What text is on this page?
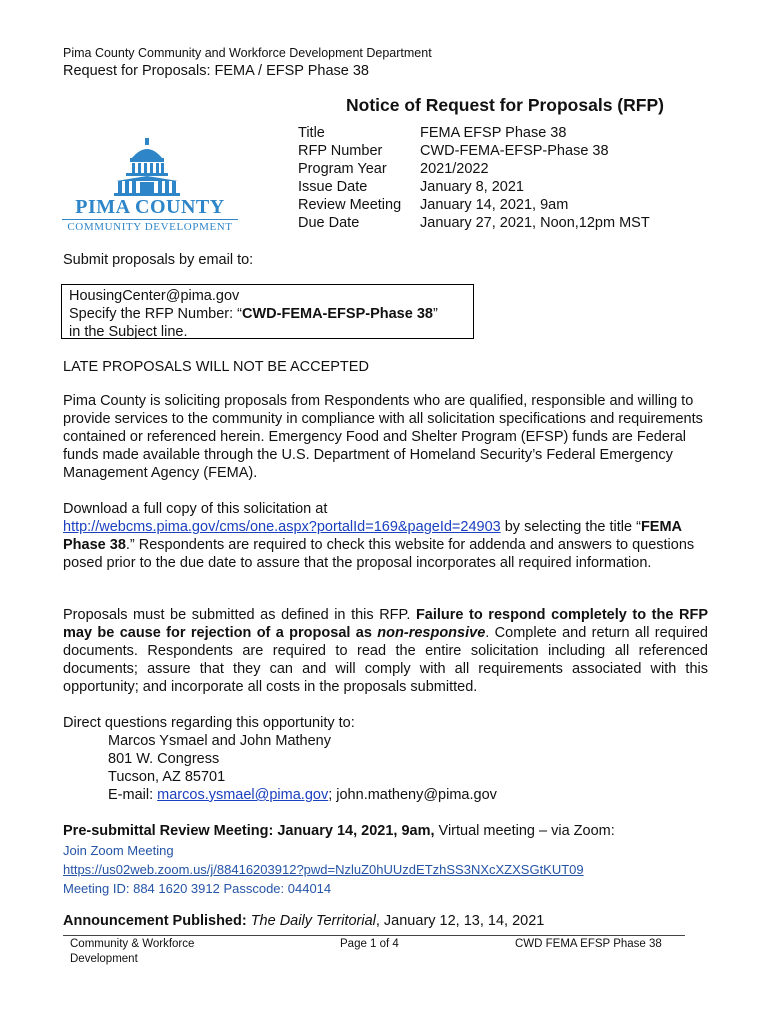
Pima County Community and Workforce Development Department
Request for Proposals: FEMA / EFSP Phase 38
Notice of Request for Proposals (RFP)
PIMA COUNTY
COMMUNITY DEVELOPMENT
Title	FEMA EFSP Phase 38
RFP Number	CWD-FEMA-EFSP-Phase 38
Program Year	2021/2022
Issue Date	January 8, 2021
Review Meeting	January 14, 2021, 9am
Due Date	January 27, 2021, Noon,12pm MST
Submit proposals by email to:
HousingCenter@pima.gov
Specify the RFP Number: “CWD-FEMA-EFSP-Phase 38”
in the Subject line.
LATE PROPOSALS WILL NOT BE ACCEPTED
Pima County is soliciting proposals from Respondents who are qualified, responsible and willing to provide services to the community in compliance with all solicitation specifications and requirements contained or referenced herein. Emergency Food and Shelter Program (EFSP) funds are Federal funds made available through the U.S. Department of Homeland Security’s Federal Emergency Management Agency (FEMA).
Download a full copy of this solicitation at
http://webcms.pima.gov/cms/one.aspx?portalId=169&pageId=24903 by selecting the title “FEMA Phase 38.” Respondents are required to check this website for addenda and answers to questions posed prior to the due date to assure that the proposal incorporates all required information.
Proposals must be submitted as defined in this RFP. Failure to respond completely to the RFP may be cause for rejection of a proposal as non-responsive. Complete and return all required documents. Respondents are required to read the entire solicitation including all referenced documents; assure that they can and will comply with all requirements associated with this opportunity; and incorporate all costs in the proposals submitted.
Direct questions regarding this opportunity to:
Marcos Ysmael and John Matheny
801 W. Congress
Tucson, AZ 85701
E-mail: marcos.ysmael@pima.gov; john.matheny@pima.gov
Pre-submittal Review Meeting: January 14, 2021, 9am, Virtual meeting – via Zoom:
Join Zoom Meeting
https://us02web.zoom.us/j/88416203912?pwd=NzluZ0hUUzdETzhSS3NXcXZXSGtKUT09
Meeting ID: 884 1620 3912 Passcode: 044014
Announcement Published: The Daily Territorial, January 12, 13, 14, 2021
Community & Workforce
Development
Page 1 of 4	CWD FEMA EFSP Phase 38
